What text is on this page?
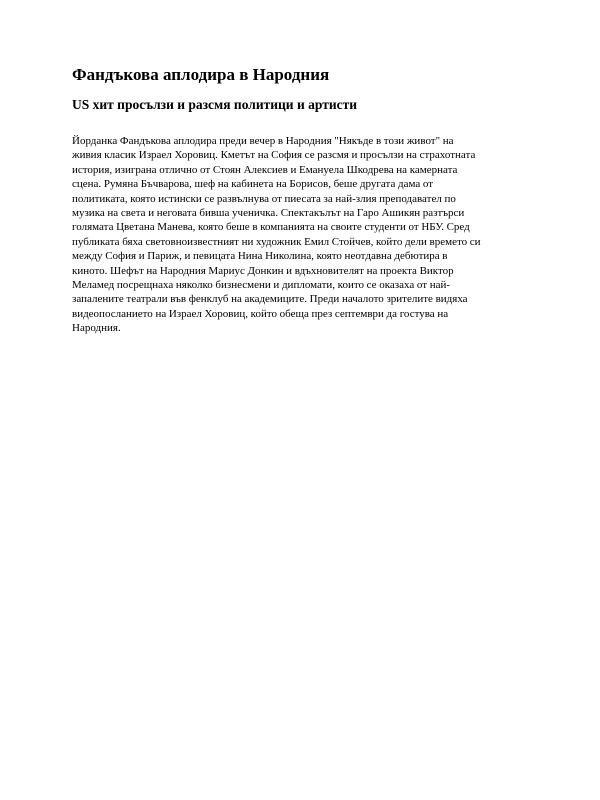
Фандъкова аплодира в Народния
US хит просълзи и разсмя политици и артисти
Йорданка Фандъкова аплодира преди вечер в Народния "Някъде в този живот" на
живия класик Израел Хоровиц. Кметът на София се разсмя и просълзи на страхотната
история, изиграна отлично от Стоян Алексиев и Емануела Шкодрева на камерната
сцена. Румяна Бъчварова, шеф на кабинета на Борисов, беше другата дама от
политиката, която истински се развълнува от пиесата за най-злия преподавател по
музика на света и неговата бивша ученичка. Спектакълът на Гаро Ашикян разтърси
голямата Цветана Манева, която беше в компанията на своите студенти от НБУ. Сред
публиката бяха световноизвестният ни художник Емил Стойчев, който дели времето си
между София и Париж, и певицата Нина Николина, която неотдавна дебютира в
киното. Шефът на Народния Мариус Донкин и вдъхновителят на проекта Виктор
Меламед посрещнаха няколко бизнесмени и дипломати, които се оказаха от най-
запалените театрали във фенклуб на академиците. Преди началото зрителите видяха
видеопосланието на Израел Хоровиц, който обеща през септември да гостува на
Народния.
